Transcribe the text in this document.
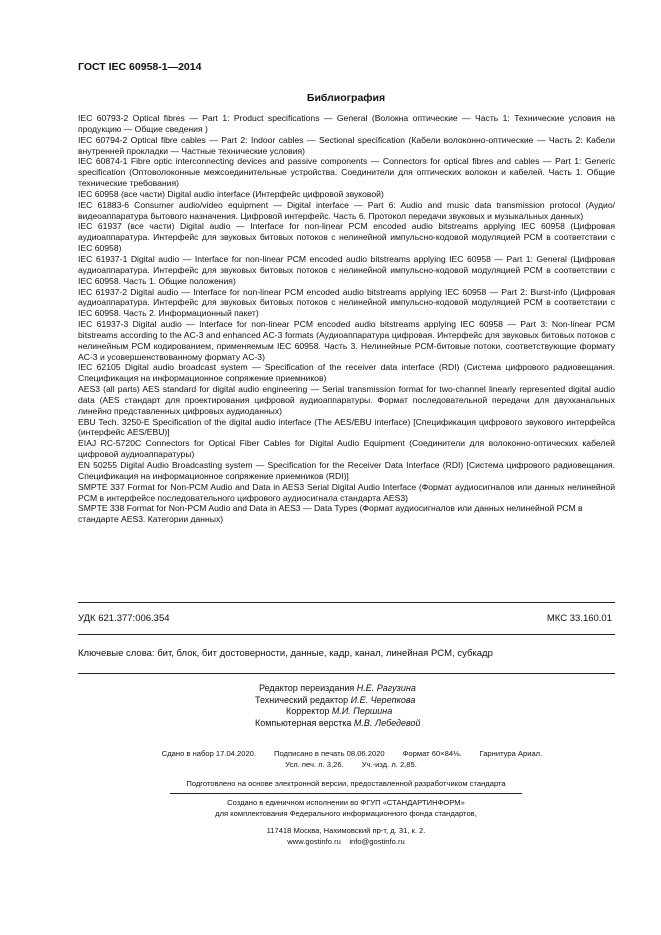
ГОСТ IEC 60958-1—2014
Библиография

IEC 60793-2 Optical fibres — Part 1: Product specifications — General (Волокна оптические — Часть 1: Технические условия на продукцию — Общие сведения )

IEC 60794-2 Optical fibre cables — Part 2: Indoor cables — Sectional specification (Кабели волоконно-оптические — Часть 2: Кабели внутренней прокладки — Частные технические условия)

IEC 60874-1 Fibre optic interconnecting devices and passive components — Connectors for optical fibres and cables — Part 1: Generic specification (Оптоволоконные межсоединительные устройства. Соединители для оптических волокон и кабелей. Часть 1. Общие технические требования)

IEC 60958 (все части) Digital audio interface (Интерфейс цифровой звуковой)

IEC 61883-6 Consumer audio/video equipment — Digital interface — Part 6: Audio and music data transmission protocol (Аудио/видеоаппаратура бытового назначения. Цифровой интерфейс. Часть 6. Протокол передачи звуковых и музыкальных данных)

IEC 61937 (все части) Digital audio — Interface for non-linear PCM encoded audio bitstreams applying IEC 60958 (Цифровая аудиоаппаратура. Интерфейс для звуковых битовых потоков с нелинейной импульсно-кодовой модуляцией PCM в соответствии с IEC 60958)

IEC 61937-1 Digital audio — Interface for non-linear PCM encoded audio bitstreams applying IEC 60958 — Part 1: General (Цифровая аудиоаппаратура. Интерфейс для звуковых битовых потоков с нелинейной импульсно-кодовой модуляцией PCM в соответствии с IEC 60958. Часть 1. Общие положения)

IEC 61937-2 Digital audio — Interface for non-linear PCM encoded audio bitstreams applying IEC 60958 — Part 2: Burst-info (Цифровая аудиоаппаратура. Интерфейс для звуковых битовых потоков с нелинейной импульсно-кодовой модуляцией PCM в соответствии с IEC 60958. Часть 2. Информационный пакет)

IEC 61937-3 Digital audio — Interface for non-linear PCM encoded audio bitstreams applying IEC 60958 — Part 3: Non-linear PCM bitstreams according to the AC-3 and enhanced AC-3 formats (Аудиоаппаратура цифровая. Интерфейс для звуковых битовых потоков с нелинейным PCM кодированием, применяемым IEC 60958. Часть 3. Нелинейные PCM-битовые потоки, соответствующие формату AC-3 и усовершенствованному формату AC-3)

IEC 62105 Digital audio broadcast system — Specification of the receiver data interface (RDI) (Система цифрового радиовещания. Спецификация на информационное сопряжение приемников)

AES3 (all parts) AES standard for digital audio engineering — Serial transmission format for two-channel linearly represented digital audio data (AES стандарт для проектирования цифровой аудиоаппаратуры. Формат последовательной передачи для двухканальных линейно представленных цифровых аудиоданных)

EBU Tech. 3250-E Specification of the digital audio interface (The AES/EBU interface) [Спецификация цифрового звукового интерфейса (интерфейс AES/EBU)]

EIAJ RC-5720C Connectors for Optical Fiber Cables for Digital Audio Equipment (Соединители для волоконно-оптических кабелей цифровой аудиоаппаратуры)

EN 50255 Digital Audio Broadcasting system — Specification for the Receiver Data Interface (RDI) [Система цифрового радиовещания. Спецификация на информационное сопряжение приемников (RDI)]

SMPTE 337 Format for Non-PCM Audio and Data in AES3 Serial Digital Audio Interface (Формат аудиосигналов или данных нелинейной PCM в интерфейсе последовательного цифрового аудиосигнала стандарта AES3)

SMPTE 338 Format for Non-PCM Audio and Data in AES3 — Data Types (Формат аудиосигналов или данных нелинейной PCM в стандарте AES3. Категории данных)

УДК 621.377:006.354	МКС 33.160.01
Ключевые слова: бит, блок, бит достоверности, данные, кадр, канал, линейная PCM, субкадр
Редактор переиздания Н.Е. Рагузина
Технический редактор И.Е. Черепкова
Корректор М.И. Першина
Компьютерная верстка М.В. Лебедевой
Сдано в набор 17.04.2020. Подписано в печать 08.06.2020 Формат 60×84⅛. Гарнитура Ариал.
Усл. печ. л. 3,26. Уч.-изд. л. 2,85.
Подготовлено на основе электронной версии, предоставленной разработчиком стандарта
Создано в единичном исполнении во ФГУП «СТАНДАРТИНФОРМ»
для комплектования Федерального информационного фонда стандартов,
117418 Москва, Нахимовский пр-т, д. 31, к. 2.
www.gostinfo.ru info@gostinfo.ru
